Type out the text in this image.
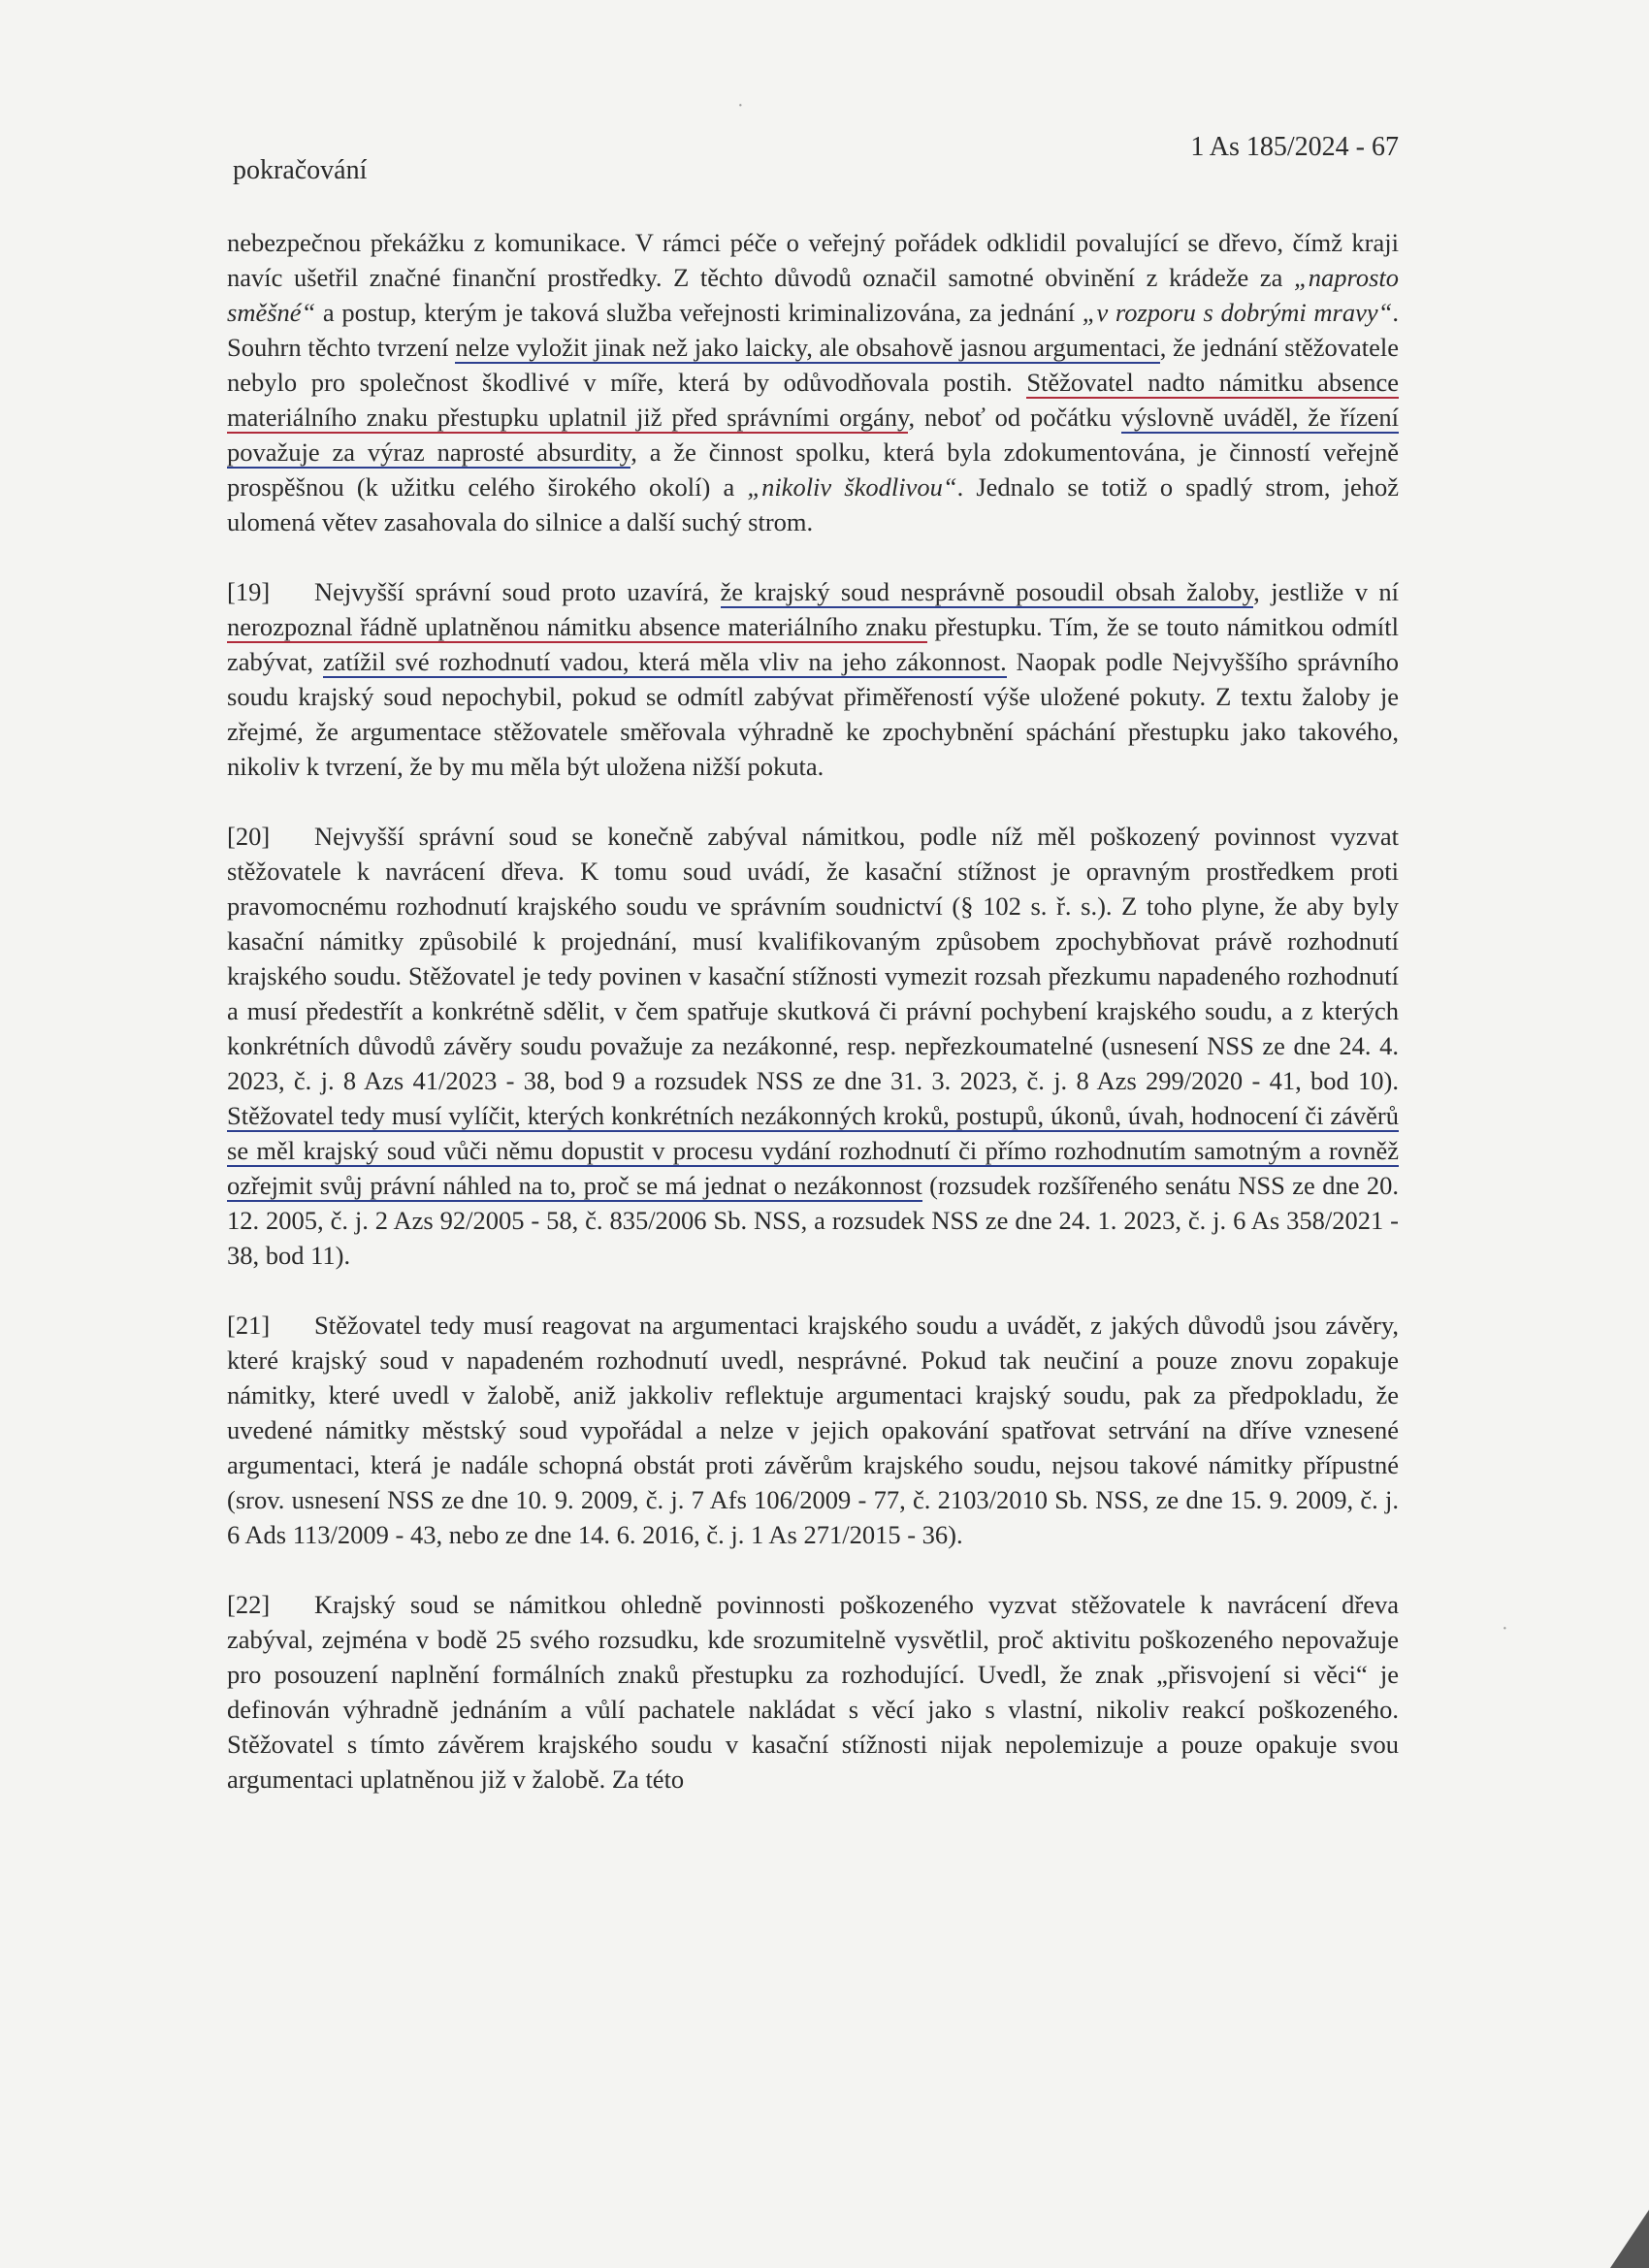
·
pokračování
1 As 185/2024 - 67

nebezpečnou překážku z komunikace. V rámci péče o veřejný pořádek odklidil povalující se dřevo, čímž kraji navíc ušetřil značné finanční prostředky. Z těchto důvodů označil samotné obvinění z krádeže za „naprosto směšné“ a postup, kterým je taková služba veřejnosti kriminalizována, za jednání „v rozporu s dobrými mravy“. Souhrn těchto tvrzení nelze vyložit jinak než jako laicky, ale obsahově jasnou argumentaci, že jednání stěžovatele nebylo pro společnost škodlivé v míře, která by odůvodňovala postih. Stěžovatel nadto námitku absence materiálního znaku přestupku uplatnil již před správními orgány, neboť od počátku výslovně uváděl, že řízení považuje za výraz naprosté absurdity, a že činnost spolku, která byla zdokumentována, je činností veřejně prospěšnou (k užitku celého širokého okolí) a „nikoliv škodlivou“. Jednalo se totiž o spadlý strom, jehož ulomená větev zasahovala do silnice a další suchý strom.

[19] Nejvyšší správní soud proto uzavírá, že krajský soud nesprávně posoudil obsah žaloby, jestliže v ní nerozpoznal řádně uplatněnou námitku absence materiálního znaku přestupku. Tím, že se touto námitkou odmítl zabývat, zatížil své rozhodnutí vadou, která měla vliv na jeho zákonnost. Naopak podle Nejvyššího správního soudu krajský soud nepochybil, pokud se odmítl zabývat přiměřeností výše uložené pokuty. Z textu žaloby je zřejmé, že argumentace stěžovatele směřovala výhradně ke zpochybnění spáchání přestupku jako takového, nikoliv k tvrzení, že by mu měla být uložena nižší pokuta.

[20] Nejvyšší správní soud se konečně zabýval námitkou, podle níž měl poškozený povinnost vyzvat stěžovatele k navrácení dřeva. K tomu soud uvádí, že kasační stížnost je opravným prostředkem proti pravomocnému rozhodnutí krajského soudu ve správním soudnictví (§ 102 s. ř. s.). Z toho plyne, že aby byly kasační námitky způsobilé k projednání, musí kvalifikovaným způsobem zpochybňovat právě rozhodnutí krajského soudu. Stěžovatel je tedy povinen v kasační stížnosti vymezit rozsah přezkumu napadeného rozhodnutí a musí předestřít a konkrétně sdělit, v čem spatřuje skutková či právní pochybení krajského soudu, a z kterých konkrétních důvodů závěry soudu považuje za nezákonné, resp. nepřezkoumatelné (usnesení NSS ze dne 24. 4. 2023, č. j. 8 Azs 41/2023 - 38, bod 9 a rozsudek NSS ze dne 31. 3. 2023, č. j. 8 Azs 299/2020 - 41, bod 10). Stěžovatel tedy musí vylíčit, kterých konkrétních nezákonných kroků, postupů, úkonů, úvah, hodnocení či závěrů se měl krajský soud vůči němu dopustit v procesu vydání rozhodnutí či přímo rozhodnutím samotným a rovněž ozřejmit svůj právní náhled na to, proč se má jednat o nezákonnost (rozsudek rozšířeného senátu NSS ze dne 20. 12. 2005, č. j. 2 Azs 92/2005 - 58, č. 835/2006 Sb. NSS, a rozsudek NSS ze dne 24. 1. 2023, č. j. 6 As 358/2021 - 38, bod 11).

[21] Stěžovatel tedy musí reagovat na argumentaci krajského soudu a uvádět, z jakých důvodů jsou závěry, které krajský soud v napadeném rozhodnutí uvedl, nesprávné. Pokud tak neučiní a pouze znovu zopakuje námitky, které uvedl v žalobě, aniž jakkoliv reflektuje argumentaci krajský soudu, pak za předpokladu, že uvedené námitky městský soud vypořádal a nelze v jejich opakování spatřovat setrvání na dříve vznesené argumentaci, která je nadále schopná obstát proti závěrům krajského soudu, nejsou takové námitky přípustné (srov. usnesení NSS ze dne 10. 9. 2009, č. j. 7 Afs 106/2009 - 77, č. 2103/2010 Sb. NSS, ze dne 15. 9. 2009, č. j. 6 Ads 113/2009 - 43, nebo ze dne 14. 6. 2016, č. j. 1 As 271/2015 - 36).

[22] Krajský soud se námitkou ohledně povinnosti poškozeného vyzvat stěžovatele k navrácení dřeva zabýval, zejména v bodě 25 svého rozsudku, kde srozumitelně vysvětlil, proč aktivitu poškozeného nepovažuje pro posouzení naplnění formálních znaků přestupku za rozhodující. Uvedl, že znak „přisvojení si věci“ je definován výhradně jednáním a vůlí pachatele nakládat s věcí jako s vlastní, nikoliv reakcí poškozeného. Stěžovatel s tímto závěrem krajského soudu v kasační stížnosti nijak nepolemizuje a pouze opakuje svou argumentaci uplatněnou již v žalobě. Za této

·
